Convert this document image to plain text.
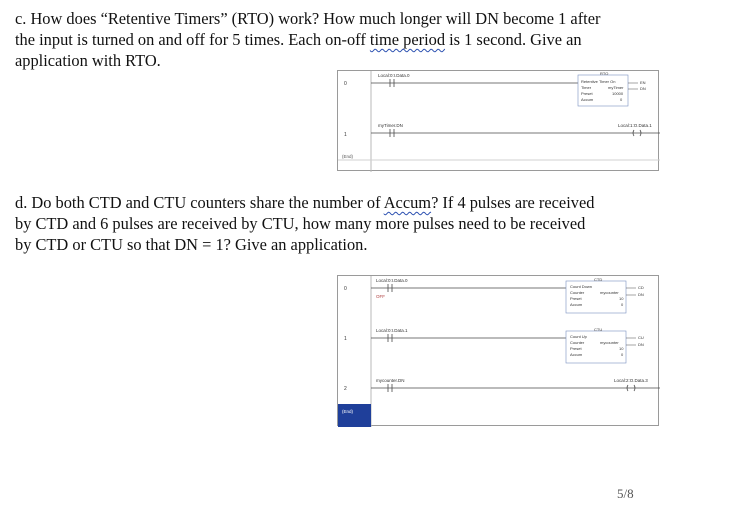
c. How does “Retentive Timers” (RTO) work? How much longer will DN become 1 after
the input is turned on and off for 5 times. Each on-off time period is 1 second. Give an
application with RTO.
0
1
(End)
Local:0:I.Data.0	RTO
Retentive Timer On
Timer	myTimer
Preset	10000
Accum	0
EN
DN
myTimer.DN	Local:1:O.Data.1
d. Do both CTD and CTU counters share the number of Accum? If 4 pulses are received
by CTD and 6 pulses are received by CTU, how many more pulses need to be received
by CTD or CTU so that DN = 1? Give an application.
0
1
2
(End)
Local:0:I.Data.0
OFF
CTD
Count Down
Counter	mycounter
Preset	10
Accum	0
CD
DN
Local:0:I.Data.1	CTU
Count Up
Counter	mycounter
Preset	10
Accum	0
CU
DN
mycounter.DN	Local:2:O.Data.3
5/8
